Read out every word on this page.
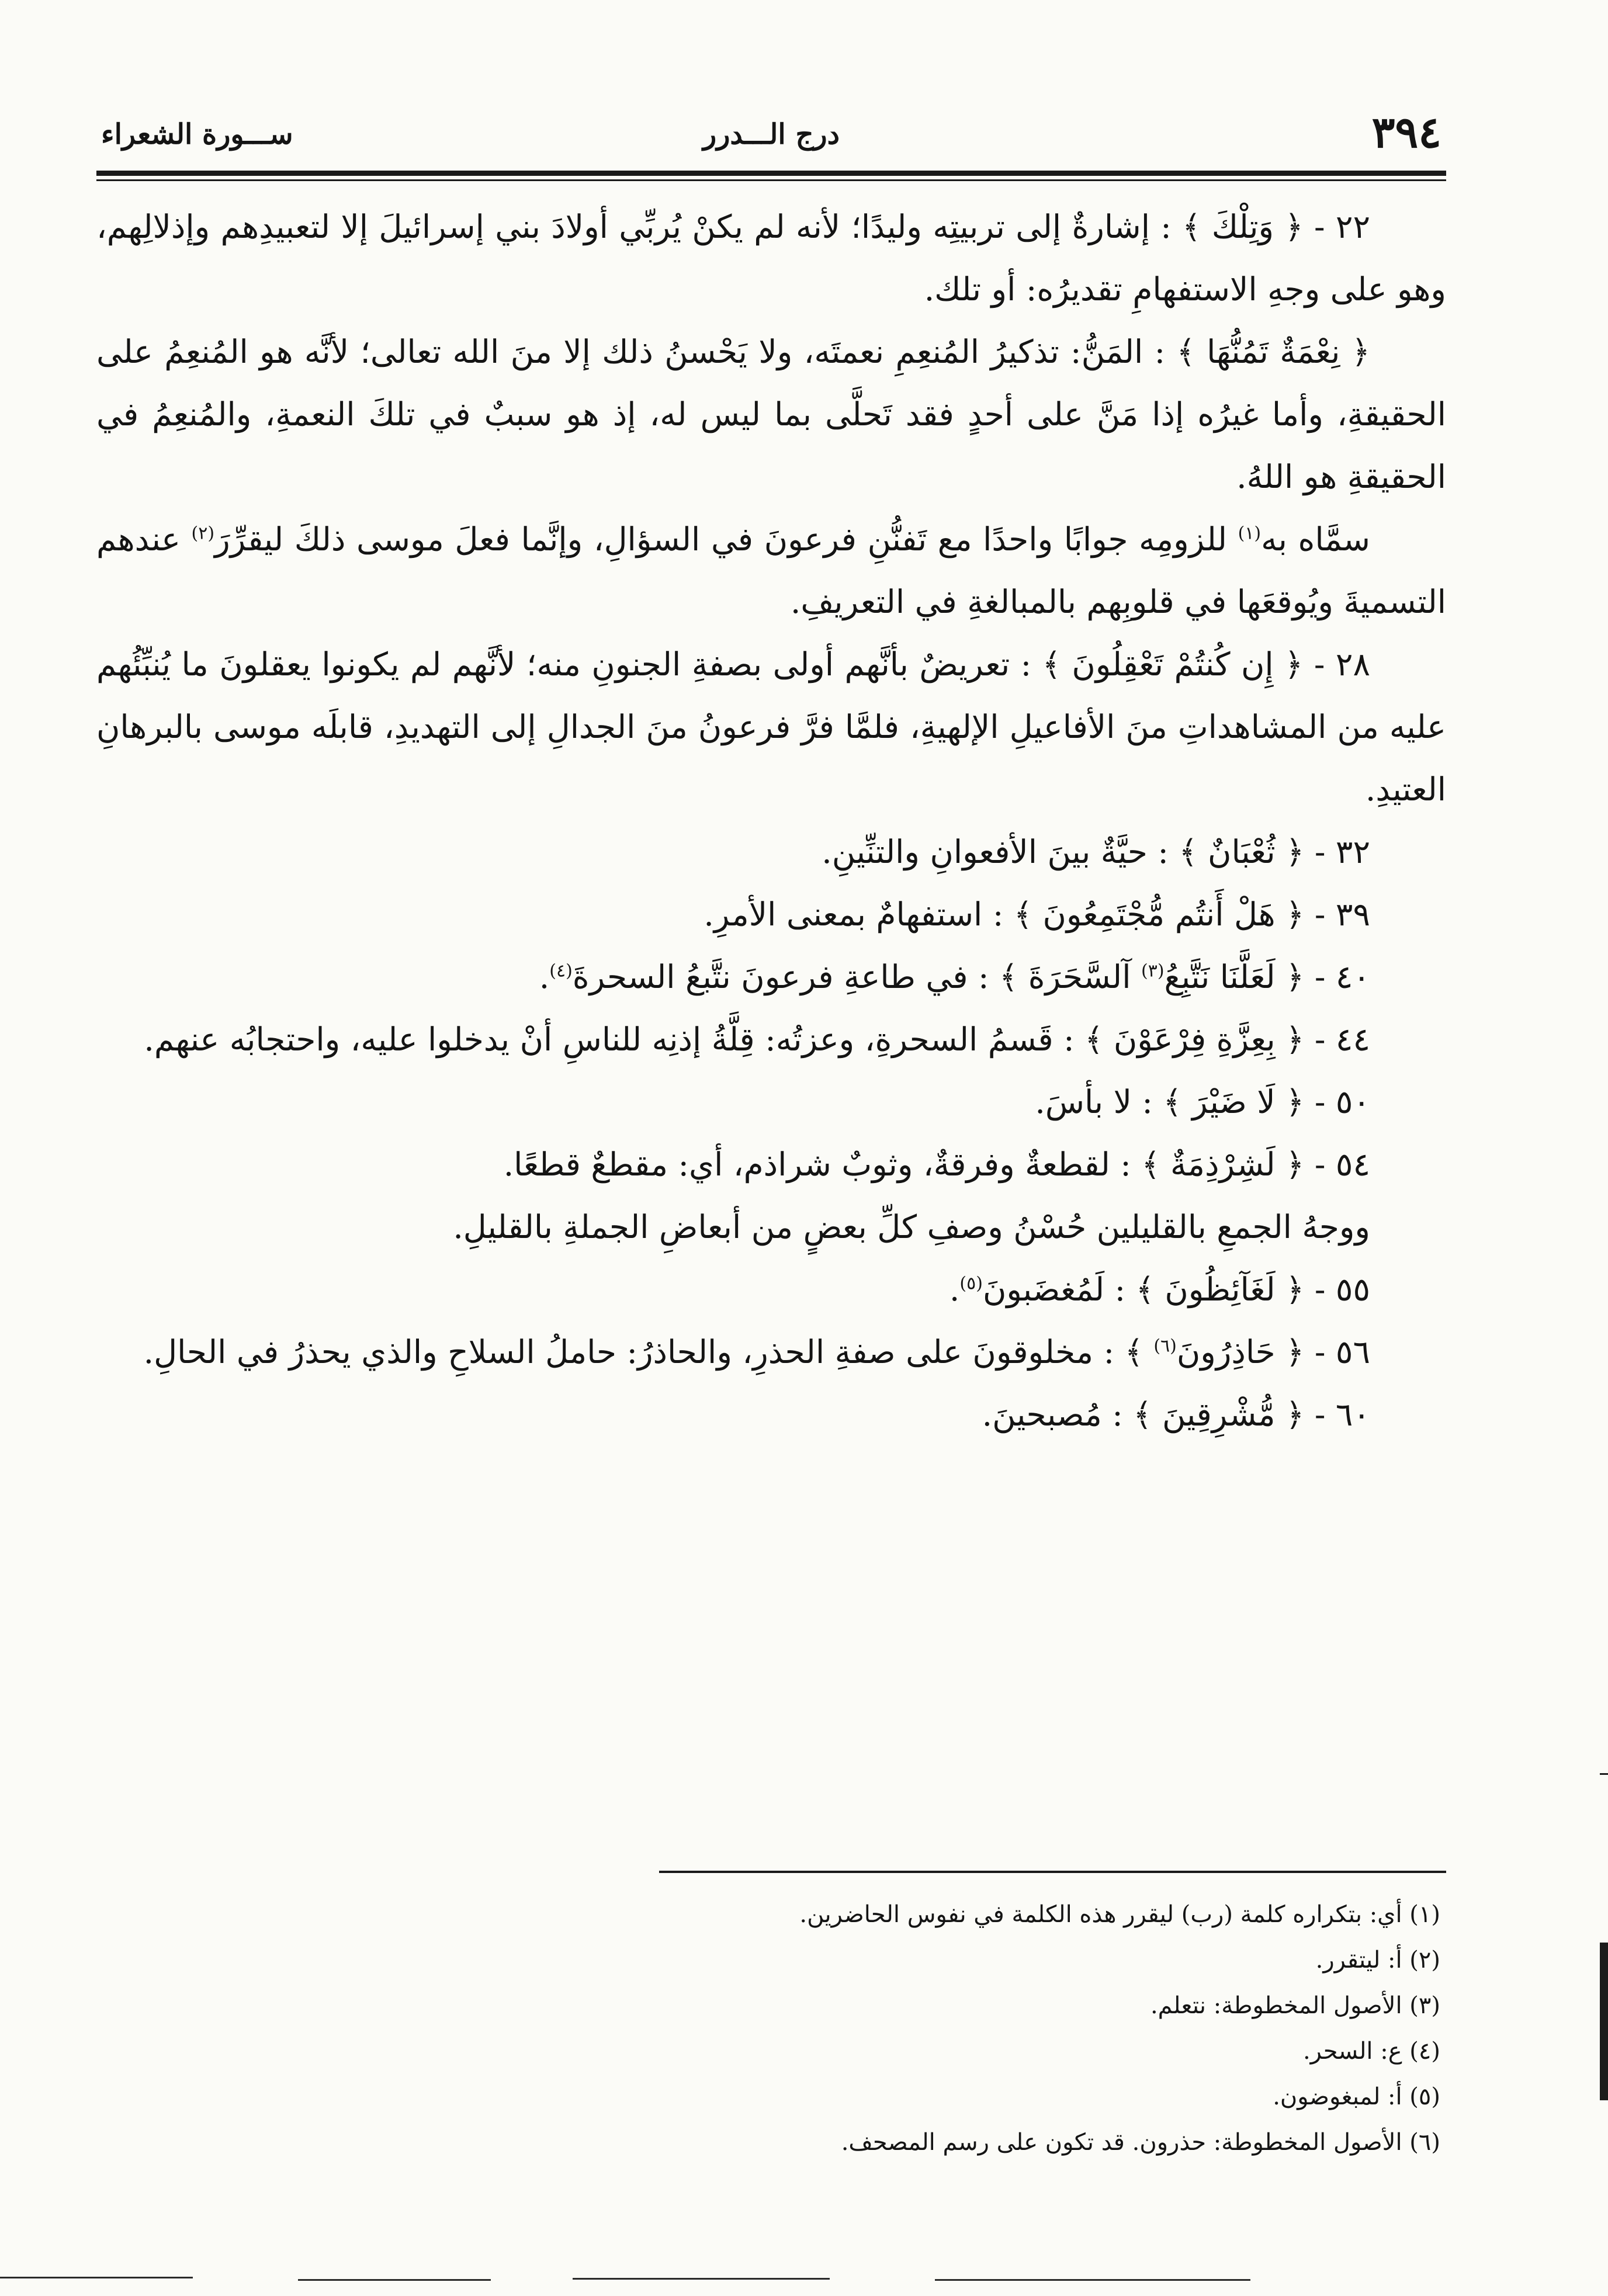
٣٩٤
درج الـــدرر
ســـورة الشعراء

٢٢ - ﴿ وَتِلْكَ ﴾ : إشارةٌ إلى تربيتِه وليدًا؛ لأنه لم يكنْ يُربِّي أولادَ بني إسرائيلَ إلا لتعبيدِهم وإذلالِهم، وهو على وجهِ الاستفهامِ تقديرُه: أو تلك.

﴿ نِعْمَةٌ تَمُنُّهَا ﴾ : المَنُّ: تذكيرُ المُنعِمِ نعمتَه، ولا يَحْسنُ ذلك إلا منَ الله تعالى؛ لأنَّه هو المُنعِمُ على الحقيقةِ، وأما غيرُه إذا مَنَّ على أحدٍ فقد تَحلَّى بما ليس له، إذ هو سببٌ في تلكَ النعمةِ، والمُنعِمُ في الحقيقةِ هو اللهُ.

سمَّاه به$^{(١)}$ للزومِه جوابًا واحدًا مع تَفنُّنِ فرعونَ في السؤالِ، وإنَّما فعلَ موسى ذلكَ ليقرِّرَ$^{(٢)}$ عندهم التسميةَ ويُوقعَها في قلوبِهم بالمبالغةِ في التعريفِ.

٢٨ - ﴿ إِن كُنتُمْ تَعْقِلُونَ ﴾ : تعريضٌ بأنَّهم أولى بصفةِ الجنونِ منه؛ لأنَّهم لم يكونوا يعقلونَ ما يُنبِّئُهم عليه من المشاهداتِ منَ الأفاعيلِ الإلهيةِ، فلمَّا فرَّ فرعونُ منَ الجدالِ إلى التهديدِ، قابلَه موسى بالبرهانِ العتيدِ.

٣٢ - ﴿ ثُعْبَانٌ ﴾ : حيَّةٌ بينَ الأفعوانِ والتنِّينِ.

٣٩ - ﴿ هَلْ أَنتُم مُّجْتَمِعُونَ ﴾ : استفهامٌ بمعنى الأمرِ.

٤٠ - ﴿ لَعَلَّنَا نَتَّبِعُ$^{(٣)}$ آلسَّحَرَةَ ﴾ : في طاعةِ فرعونَ نتَّبعُ السحرةَ$^{(٤)}$.

٤٤ - ﴿ بِعِزَّةِ فِرْعَوْنَ ﴾ : قَسمُ السحرةِ، وعزتُه: قِلَّةُ إذنِه للناسِ أنْ يدخلوا عليه، واحتجابُه عنهم.

٥٠ - ﴿ لَا ضَيْرَ ﴾ : لا بأسَ.

٥٤ - ﴿ لَشِرْذِمَةٌ ﴾ : لقطعةٌ وفرقةٌ، وثوبٌ شراذم، أي: مقطعٌ قطعًا.

ووجهُ الجمعِ بالقليلين حُسْنُ وصفِ كلِّ بعضٍ من أبعاضِ الجملةِ بالقليلِ.

٥٥ - ﴿ لَغَآئِظُونَ ﴾ : لَمُغضَبونَ$^{(٥)}$.

٥٦ - ﴿ حَاذِرُونَ$^{(٦)}$ ﴾ : مخلوقونَ على صفةِ الحذرِ، والحاذرُ: حاملُ السلاحِ والذي يحذرُ في الحالِ.

٦٠ - ﴿ مُّشْرِقِينَ ﴾ : مُصبحينَ.

(١) أي: بتكراره كلمة (رب) ليقرر هذه الكلمة في نفوس الحاضرين.

(٢) أ: ليتقرر.

(٣) الأصول المخطوطة: نتعلم.

(٤) ع: السحر.

(٥) أ: لمبغوضون.

(٦) الأصول المخطوطة: حذرون. قد تكون على رسم المصحف.
